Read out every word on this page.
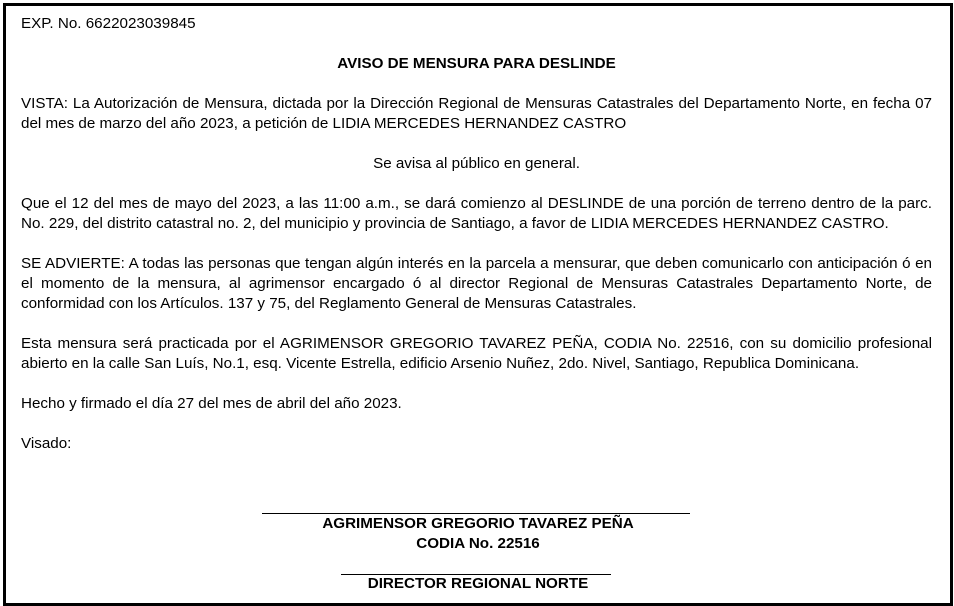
EXP. No. 6622023039845

AVISO DE MENSURA PARA DESLINDE

VISTA: La Autorización de Mensura, dictada por la Dirección Regional de Mensuras Catastrales del Departamento Norte, en fecha 07 del mes de marzo del año 2023, a petición de LIDIA MERCEDES HERNANDEZ CASTRO

Se avisa al público en general.

Que el 12 del mes de mayo del 2023, a las 11:00 a.m., se dará comienzo al DESLINDE de una porción de terreno dentro de la parc. No. 229, del distrito catastral no. 2, del municipio y provincia de Santiago, a favor de LIDIA MERCEDES HERNANDEZ CASTRO.

SE ADVIERTE: A todas las personas que tengan algún interés en la parcela a mensurar, que deben comunicarlo con anticipación ó en el momento de la mensura, al agrimensor encargado ó al director Regional de Mensuras Catastrales Departamento Norte, de conformidad con los Artículos. 137 y 75, del Reglamento General de Mensuras Catastrales.

Esta mensura será practicada por el AGRIMENSOR GREGORIO TAVAREZ PEÑA, CODIA No. 22516, con su domicilio profesional abierto en la calle San Luís, No.1, esq. Vicente Estrella, edificio Arsenio Nuñez, 2do. Nivel, Santiago, Republica Dominicana.

Hecho y firmado el día 27 del mes de abril del año 2023.

Visado:

AGRIMENSOR GREGORIO TAVAREZ PEÑA
CODIA No. 22516
DIRECTOR REGIONAL NORTE
